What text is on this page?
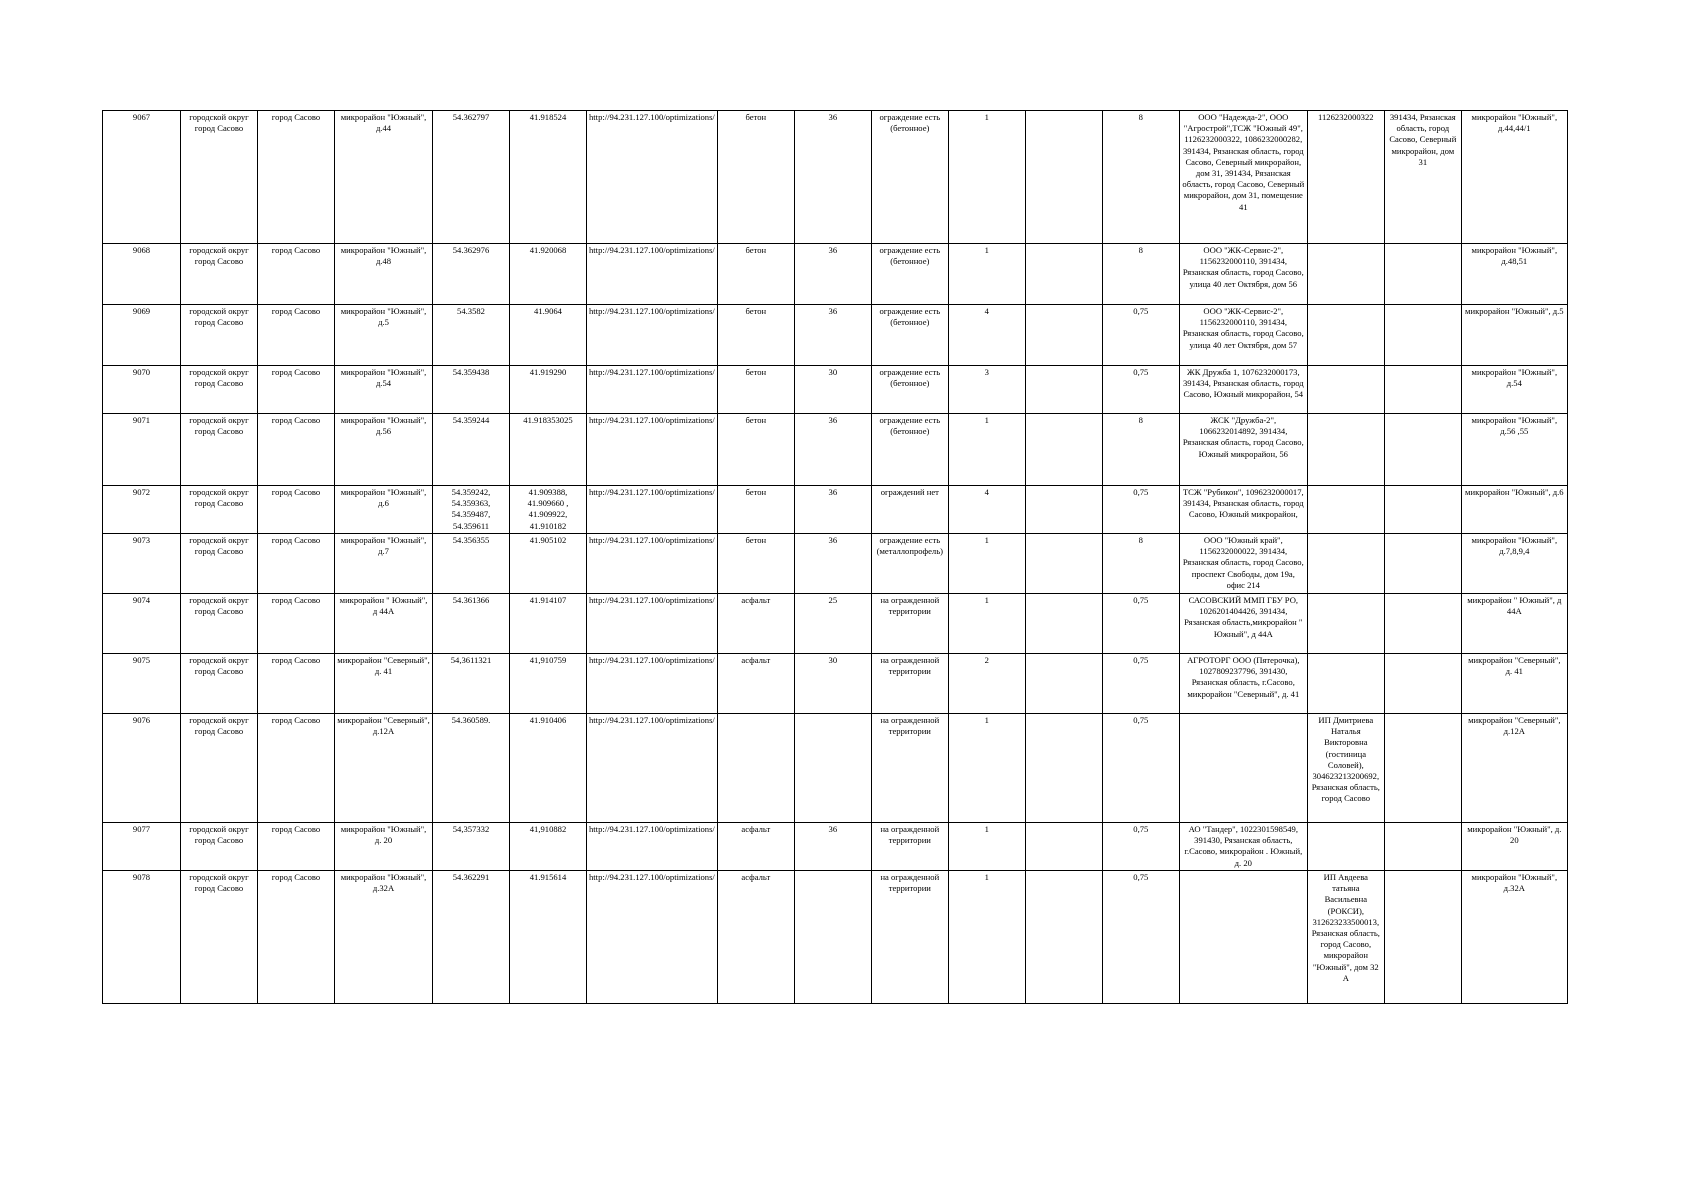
9067	городской округ город Сасово	город Сасово	микрорайон "Южный", д.44	54.362797	41.918524	http://94.231.127.100/optimizations/	бетон	36	ограждение есть (бетонное)	1		8	ООО "Надежда-2", ООО "Агрострой",ТСЖ "Южный 49", 1126232000322, 1086232000282, 391434, Рязанская область, город Сасово, Северный микрорайон, дом 31, 391434, Рязанская область, город Сасово, Северный микрорайон, дом 31, помещение 41	1126232000322	391434, Рязанская область, город Сасово, Северный микрорайон, дом 31	микрорайон "Южный", д.44,44/1
9068	городской округ город Сасово	город Сасово	микрорайон "Южный", д.48	54.362976	41.920068	http://94.231.127.100/optimizations/	бетон	36	ограждение есть (бетонное)	1		8	ООО "ЖК-Сервис-2", 1156232000110, 391434, Рязанская область, город Сасово, улица 40 лет Октября, дом 56			микрорайон "Южный", д.48,51
9069	городской округ город Сасово	город Сасово	микрорайон "Южный", д.5	54.3582	41.9064	http://94.231.127.100/optimizations/	бетон	36	ограждение есть (бетонное)	4		0,75	ООО "ЖК-Сервис-2", 1156232000110, 391434, Рязанская область, город Сасово, улица 40 лет Октября, дом 57			микрорайон "Южный", д.5
9070	городской округ город Сасово	город Сасово	микрорайон "Южный", д.54	54.359438	41.919290	http://94.231.127.100/optimizations/	бетон	30	ограждение есть (бетонное)	3		0,75	ЖК Дружба 1, 1076232000173, 391434, Рязанская область, город Сасово, Южный микрорайон, 54			микрорайон "Южный", д.54
9071	городской округ город Сасово	город Сасово	микрорайон "Южный", д.56	54.359244	41.918353025	http://94.231.127.100/optimizations/	бетон	36	ограждение есть (бетонное)	1		8	ЖСК "Дружба-2", 1066232014892, 391434, Рязанская область, город Сасово, Южный микрорайон, 56			микрорайон "Южный", д.56 ,55
9072	городской округ город Сасово	город Сасово	микрорайон "Южный", д.6	54.359242, 54.359363, 54.359487, 54.359611	41.909388, 41.909660 , 41.909922, 41.910182	http://94.231.127.100/optimizations/	бетон	36	ограждений нет	4		0,75	ТСЖ "Рубикон", 1096232000017, 391434, Рязанская область, город Сасово, Южный микрорайон,			микрорайон "Южный", д.6
9073	городской округ город Сасово	город Сасово	микрорайон "Южный", д.7	54.356355	41.905102	http://94.231.127.100/optimizations/	бетон	36	ограждение есть (металлопрофель)	1		8	ООО "Южный край", 1156232000022, 391434, Рязанская область, город Сасово, проспект Свободы, дом 19а, офис 214			микрорайон "Южный", д.7,8,9,4
9074	городской округ город Сасово	город Сасово	микрорайон " Южный", д 44А	54.361366	41.914107	http://94.231.127.100/optimizations/	асфальт	25	на огражденной территории	1		0,75	САСОВСКИЙ ММП ГБУ РО, 1026201404426, 391434, Рязанская область,микрорайон " Южный", д 44А			микрорайон " Южный", д 44А
9075	городской округ город Сасово	город Сасово	микрорайон "Северный", д. 41	54,3611321	41,910759	http://94.231.127.100/optimizations/	асфальт	30	на огражденной территории	2		0,75	АГРОТОРГ ООО (Пятерочка), 1027809237796, 391430, Рязанская область, г.Сасово, микрорайон "Северный", д. 41			микрорайон "Северный", д. 41
9076	городской округ город Сасово	город Сасово	микрорайон "Северный", д.12А	54.360589.	41.910406	http://94.231.127.100/optimizations/			на огражденной территории	1		0,75		ИП Дмитриева Наталья Викторовна (гостиница Соловей), 304623213200692, Рязанская область, город Сасово		микрорайон "Северный", д.12А
9077	городской округ город Сасово	город Сасово	микрорайон "Южный", д. 20	54,357332	41,910882	http://94.231.127.100/optimizations/	асфальт	36	на огражденной территории	1		0,75	АО "Тандер", 1022301598549, 391430, Рязанская область, г.Сасово, микрорайон . Южный, д. 20			микрорайон "Южный", д. 20
9078	городской округ город Сасово	город Сасово	микрорайон "Южный", д.32А	54.362291	41.915614	http://94.231.127.100/optimizations/	асфальт		на огражденной территории	1		0,75		ИП Авдеева татьяна Васильевна (РОКСИ), 312623233500013, Рязанская область, город Сасово, микрорайон "Южный", дом 32 А		микрорайон "Южный", д.32А
